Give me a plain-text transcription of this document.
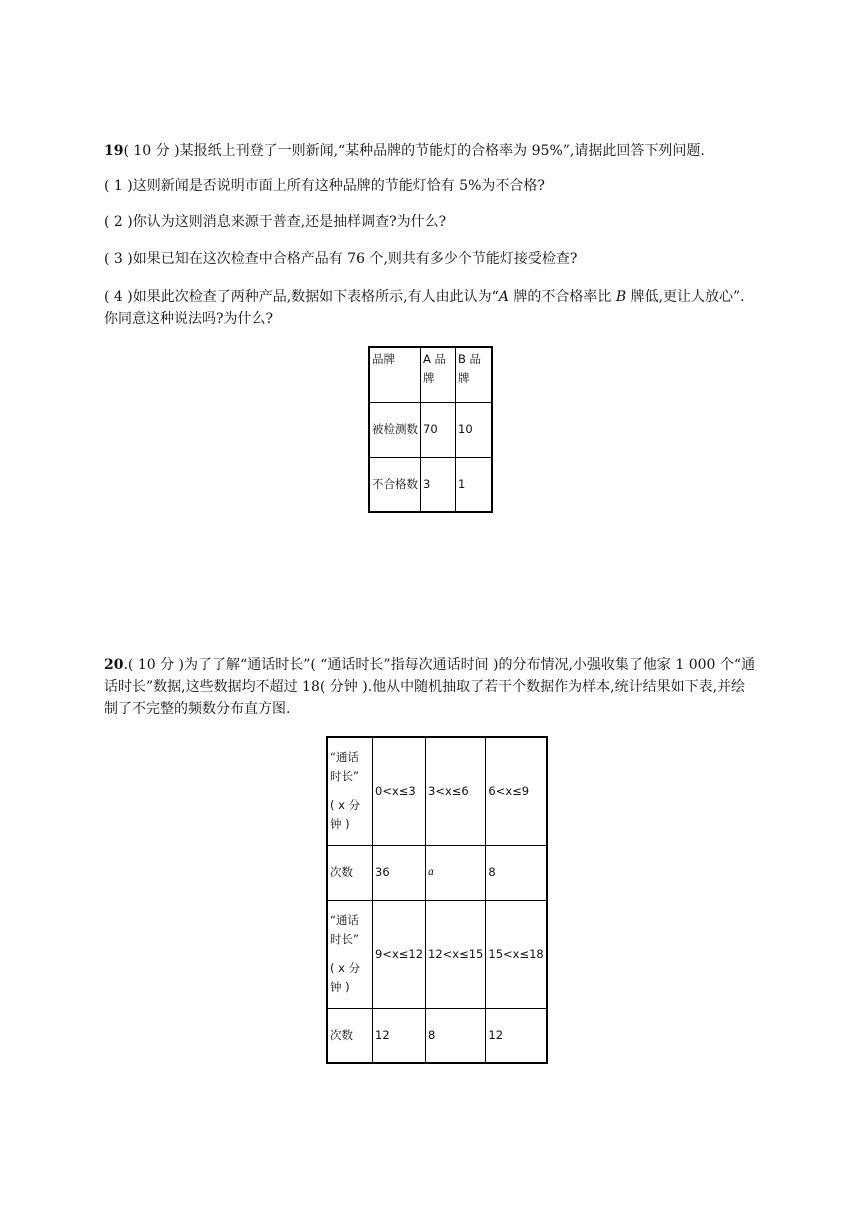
19( 10 分 )某报纸上刊登了一则新闻,“某种品牌的节能灯的合格率为 95%”,请据此回答下列问题.

( 1 )这则新闻是否说明市面上所有这种品牌的节能灯恰有 5%为不合格?

( 2 )你认为这则消息来源于普查,还是抽样调查?为什么?

( 3 )如果已知在这次检查中合格产品有 76 个,则共有多少个节能灯接受检查?

( 4 )如果此次检查了两种产品,数据如下表格所示,有人由此认为“A 牌的不合格率比 B 牌低,更让人放心”.你同意这种说法吗?为什么?

品牌	A 品牌	B 品牌
被检测数	70	10
不合格数	3	1

20.( 10 分 )为了了解“通话时长”( “通话时长”指每次通话时间 )的分布情况,小强收集了他家 1 000 个“通话时长”数据,这些数据均不超过 18( 分钟 ).他从中随机抽取了若干个数据作为样本,统计结果如下表,并绘制了不完整的频数分布直方图.

“通话时长”
( x 分钟 )	0<x≤3	3<x≤6	6<x≤9
次数	36	a	8

“通话时长”
( x 分钟 )	9<x≤12	12<x≤15	15<x≤18
次数	12	8	12
